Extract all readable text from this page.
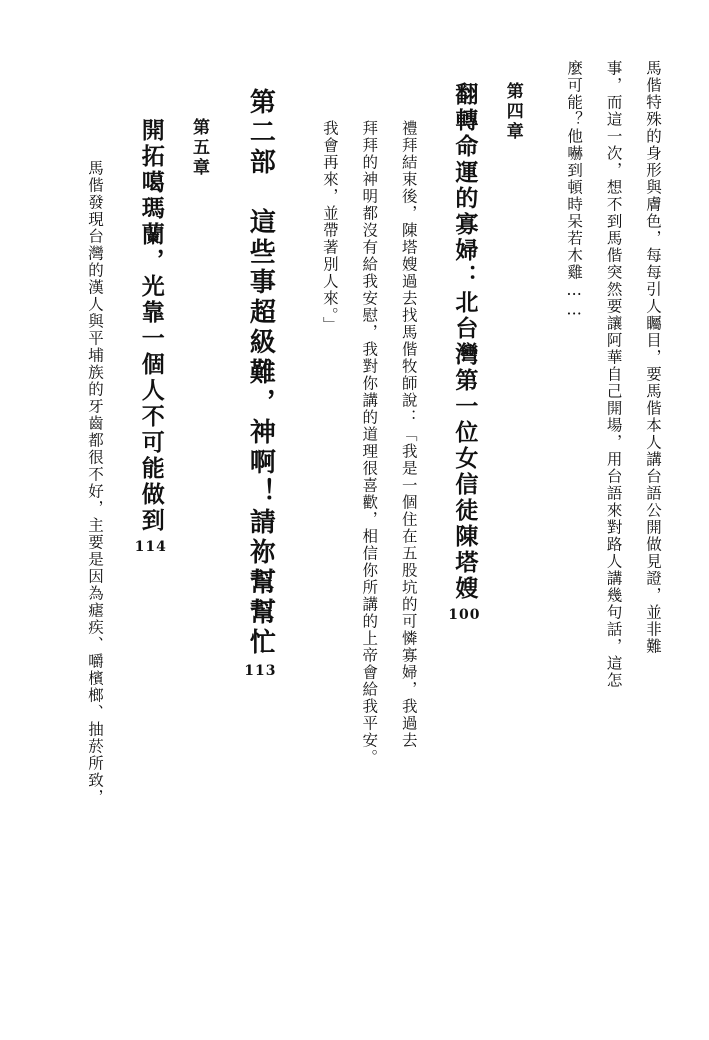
馬偕特殊的身形與膚色，每每引人矚目，要馬偕本人講台語公開做見證，並非難
事，而這一次，想不到馬偕突然要讓阿華自己開場，用台語來對路人講幾句話，這怎
麼可能？他嚇到頓時呆若木雞……
第四章
翻轉命運的寡婦：北台灣第一位女信徒陳塔嫂100
禮拜結束後，陳塔嫂過去找馬偕牧師說：「我是一個住在五股坑的可憐寡婦，我過去
拜拜的神明都沒有給我安慰，我對你講的道理很喜歡，相信你所講的上帝會給我平安。
我會再來，並帶著別人來。」
第二部　這些事超級難，神啊！請祢幫幫忙113
第五章
開拓噶瑪蘭，光靠一個人不可能做到114
馬偕發現台灣的漢人與平埔族的牙齒都很不好，主要是因為瘧疾、嚼檳榔、抽菸所致，
